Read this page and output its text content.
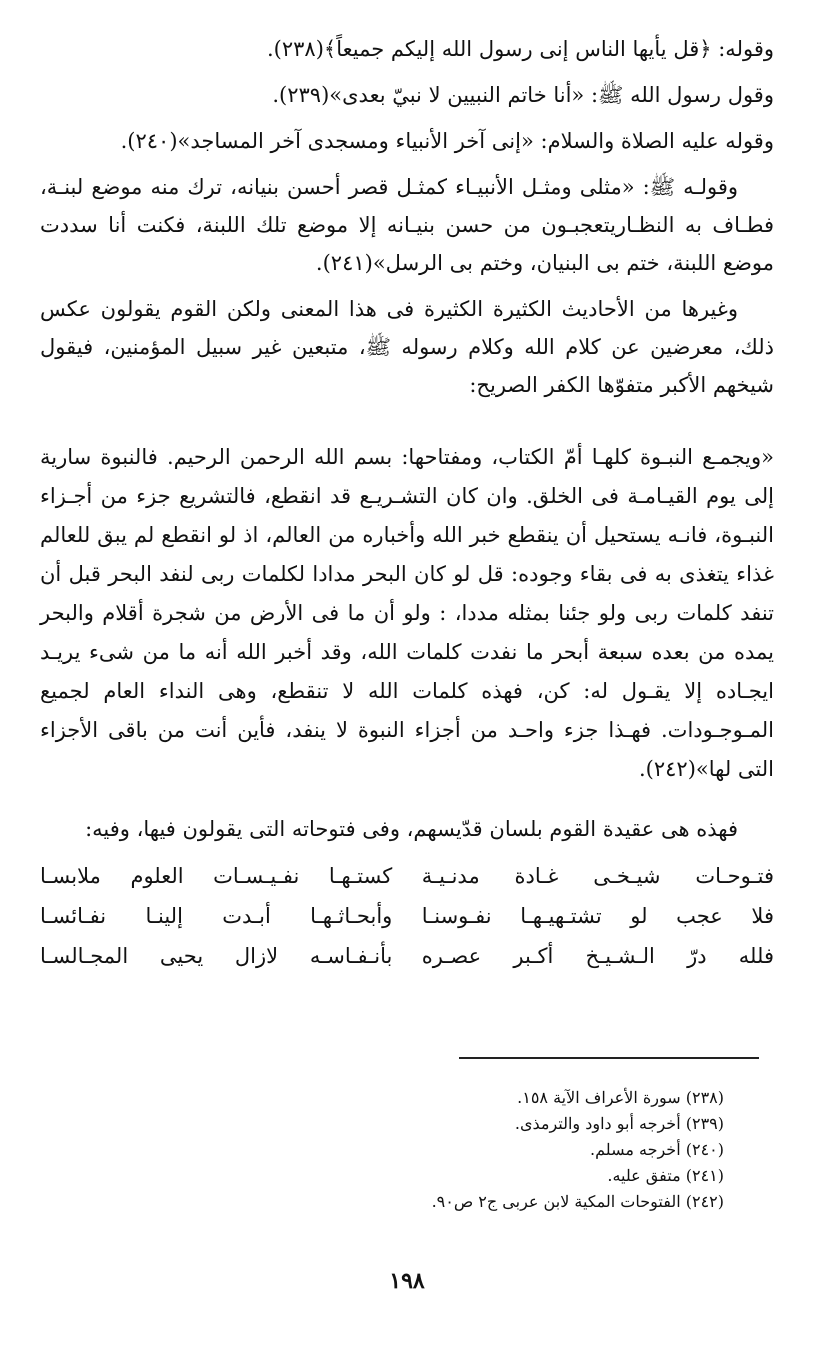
وقوله: ﴿قل يأيها الناس إنى رسول الله إليكم جميعاً﴾(٢٣٨).

وقول رسول الله ﷺ: «أنا خاتم النبيين لا نبيّ بعدى»(٢٣٩).

وقوله عليه الصلاة والسلام: «إنى آخر الأنبياء ومسجدى آخر المساجد»(٢٤٠).

وقولـه ﷺ: «مثلى ومثـل الأنبيـاء كمثـل قصر أحسن بنيانه، ترك منه موضع لبنـة، فطـاف به النظـاريتعجبـون من حسن بنيـانه إلا موضع تلك اللبنة، فكنت أنا سددت موضع اللبنة، ختم بى البنيان، وختم بى الرسل»(٢٤١).

وغيرها من الأحاديث الكثيرة الكثيرة فى هذا المعنى ولكن القوم يقولون عكس ذلك، معرضين عن كلام الله وكلام رسوله ﷺ، متبعين غير سبيل المؤمنين، فيقول شيخهم الأكبر متفوّها الكفر الصريح:

«ويجمـع النبـوة كلهـا أمّ الكتاب، ومفتاحها: بسم الله الرحمن الرحيم. فالنبوة سارية إلى يوم القيـامـة فى الخلق. وان كان التشـريـع قد انقطع، فالتشريع جزء من أجـزاء النبـوة، فانـه يستحيل أن ينقطع خبر الله وأخباره من العالم، اذ لو انقطع لم يبق للعالم غذاء يتغذى به فى بقاء وجوده: قل لو كان البحر مدادا لكلمات ربى لنفد البحر قبل أن تنفد كلمات ربى ولو جئنا بمثله مددا، : ولو أن ما فى الأرض من شجرة أقلام والبحر يمده من بعده سبعة أبحر ما نفدت كلمات الله، وقد أخبر الله أنه ما من شىء يريـد ايجـاده إلا يقـول له: كن، فهذه كلمات الله لا تنقطع، وهى النداء العام لجميع المـوجـودات. فهـذا جزء واحـد من أجزاء النبوة لا ينفد، فأين أنت من باقى الأجزاء التى لها»(٢٤٢).

فهذه هى عقيدة القوم بلسان قدّيسهم، وفى فتوحاته التى يقولون فيها، وفيه:

فتـوحـات شيـخـى غـادة مدنـيـة
كستـهـا نفـيـسـات العلوم ملابسـا
فلا عجب لو تشتـهيـهـا نفـوسنـا
وأبحـاثـهـا أبـدت إلينـا نفـائسـا
فلله درّ الـشـيـخ أكـبر عصـره
بأنـفـاسـه لازال يحيى المجـالسـا

(٢٣٨) سورة الأعراف الآية ١٥٨.

(٢٣٩) أخرجه أبو داود والترمذى.

(٢٤٠) أخرجه مسلم.

(٢٤١) متفق عليه.

(٢٤٢) الفتوحات المكية لابن عربى ج٢ ص٩٠.

١٩٨
